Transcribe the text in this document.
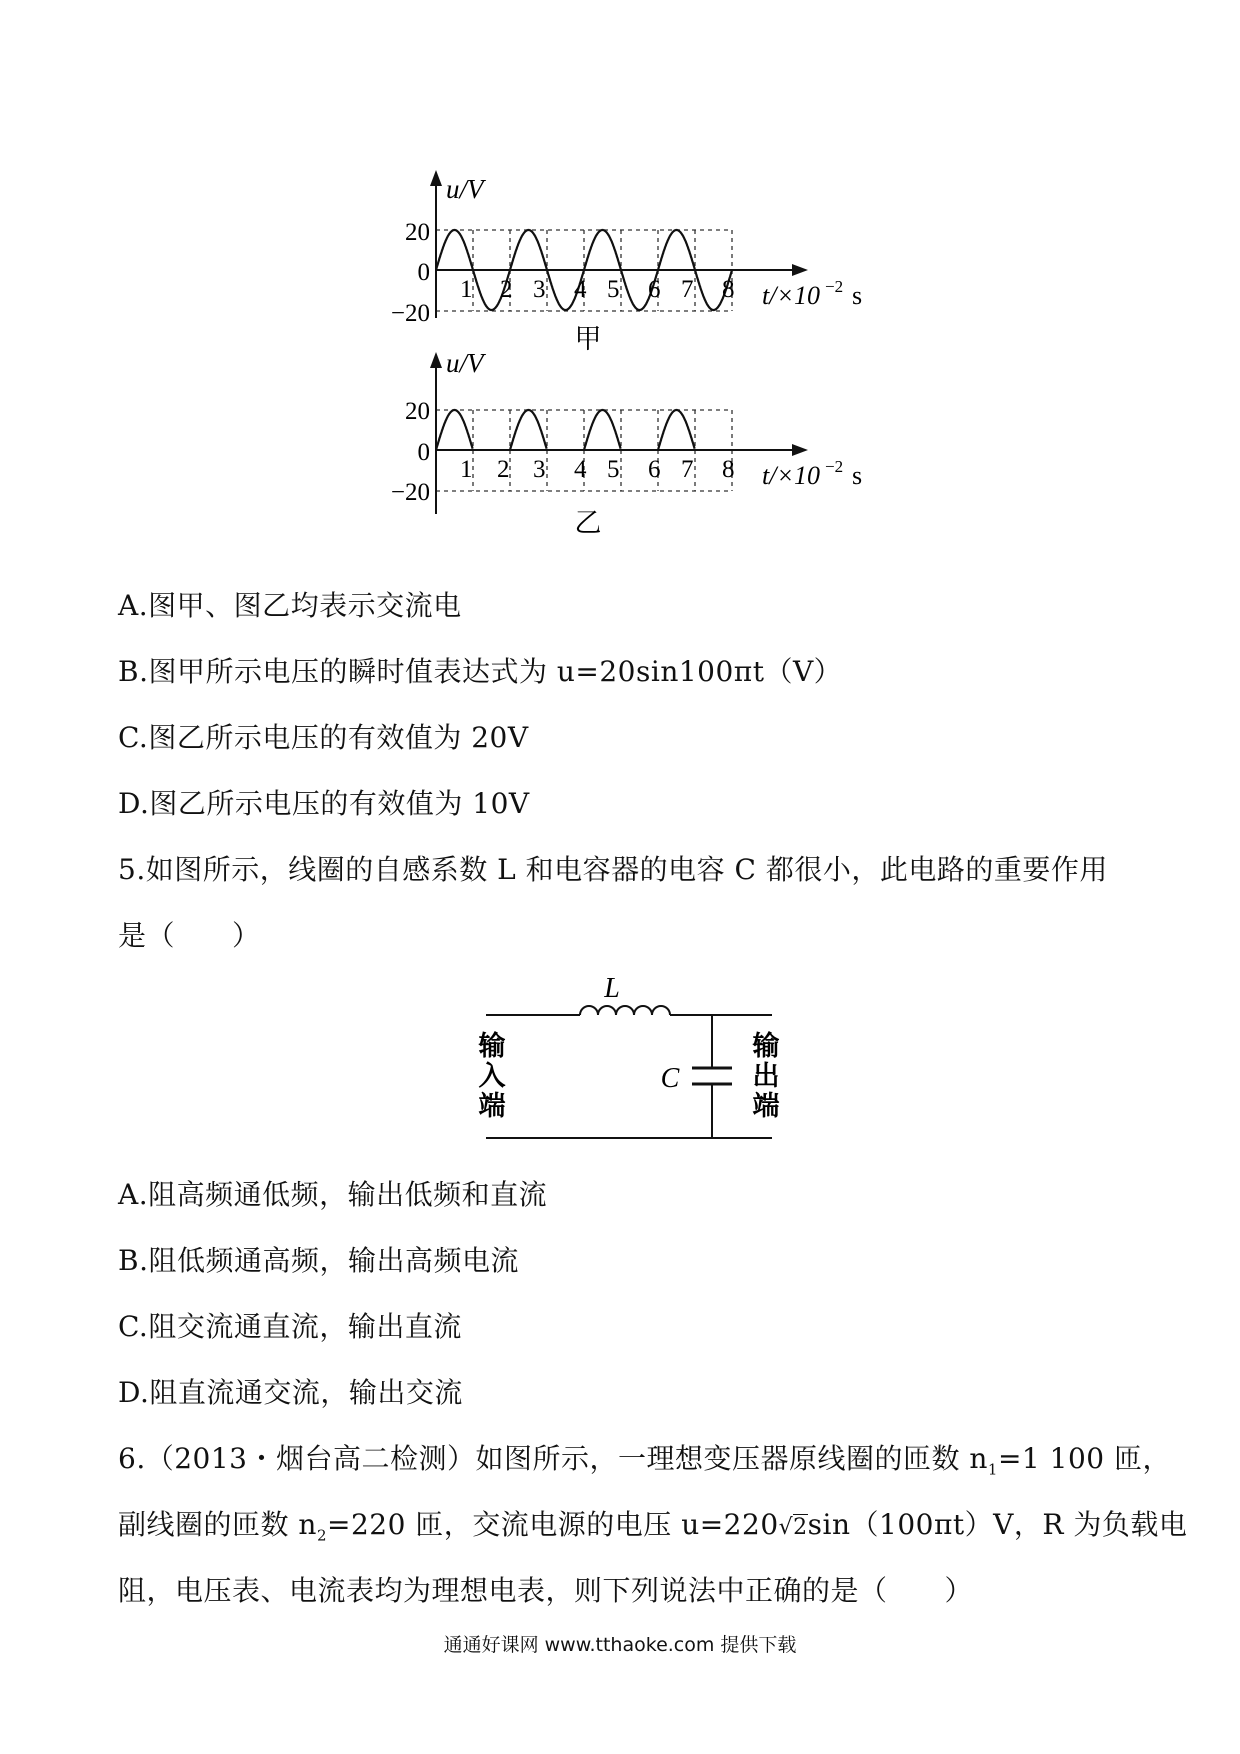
u/V
20
0
−20
1 2 3 4 5 6 7 8 t/×10 −2 s
甲
u/V
20
0
−20
1 2 3 4 5 6 7 8 t/×10 −2 s
乙
A.图甲、图乙均表示交流电
B.图甲所示电压的瞬时值表达式为 u=20sin100πt（V）
C.图乙所示电压的有效值为 20V
D.图乙所示电压的有效值为 10V
5.如图所示，线圈的自感系数 L 和电容器的电容 C 都很小，此电路的重要作用
是（　　）
L
C
输
入
端
输
出
端
A.阻高频通低频，输出低频和直流
B.阻低频通高频，输出高频电流
C.阻交流通直流，输出直流
D.阻直流通交流，输出交流
6.（2013・烟台高二检测）如图所示，一理想变压器原线圈的匝数 $n_1=1$ 100 匝，
副线圈的匝数 $n_2=220$ 匝，交流电源的电压 u=220√2sin（100πt）V，R 为负载电
阻，电压表、电流表均为理想电表，则下列说法中正确的是（　　）
通通好课网 www.tthaoke.com 提供下载
